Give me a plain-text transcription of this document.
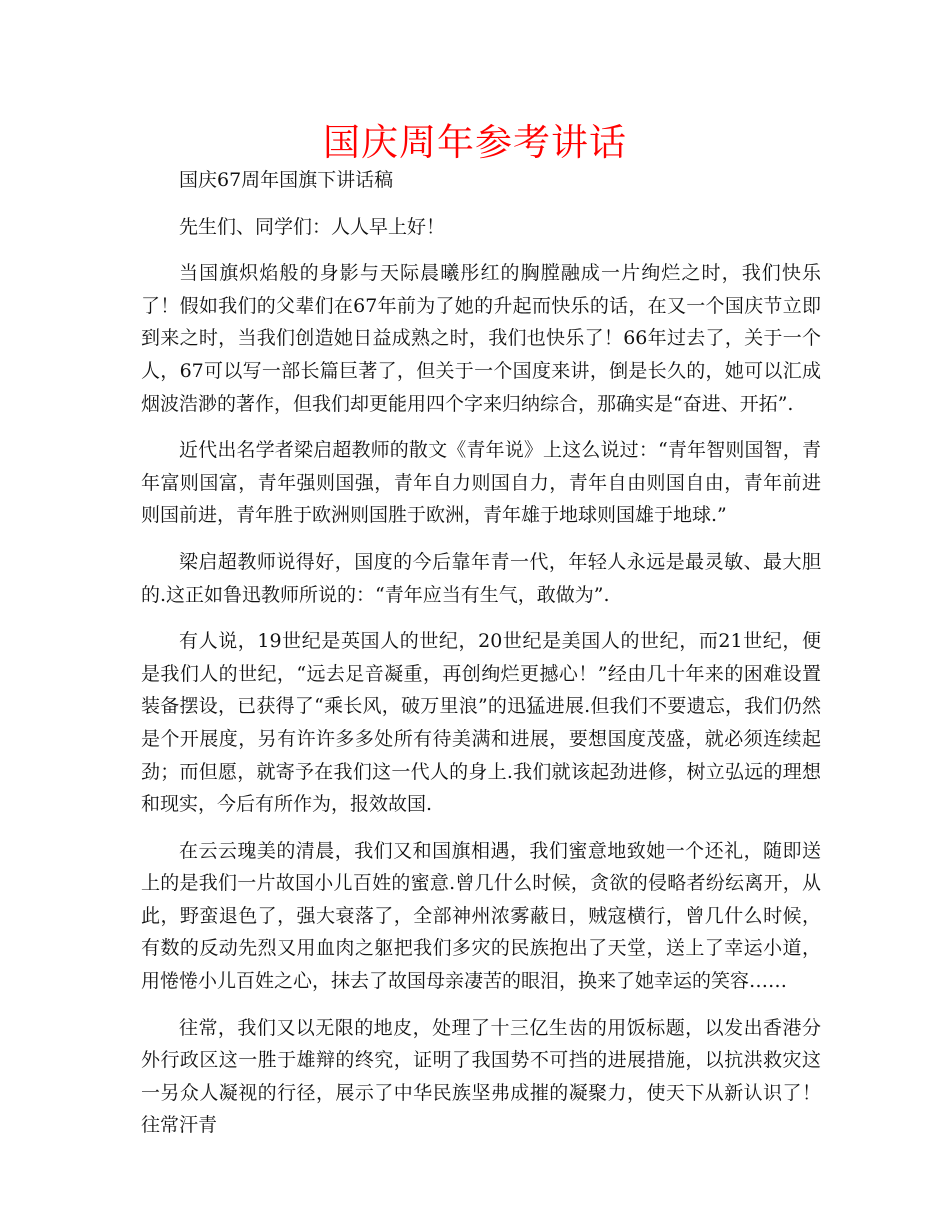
国庆周年参考讲话

国庆67周年国旗下讲话稿

先生们、同学们：人人早上好！

当国旗炽焰般的身影与天际晨曦彤红的胸膛融成一片绚烂之时，我们快乐了！假如我们的父辈们在67年前为了她的升起而快乐的话，在又一个国庆节立即到来之时，当我们创造她日益成熟之时，我们也快乐了！66年过去了，关于一个人，67可以写一部长篇巨著了，但关于一个国度来讲，倒是长久的，她可以汇成烟波浩渺的著作，但我们却更能用四个字来归纳综合，那确实是“奋进、开拓”.

近代出名学者梁启超教师的散文《青年说》上这么说过：“青年智则国智，青年富则国富，青年强则国强，青年自力则国自力，青年自由则国自由，青年前进则国前进，青年胜于欧洲则国胜于欧洲，青年雄于地球则国雄于地球.”

梁启超教师说得好，国度的今后靠年青一代，年轻人永远是最灵敏、最大胆的.这正如鲁迅教师所说的：“青年应当有生气，敢做为”.

有人说，19世纪是英国人的世纪，20世纪是美国人的世纪，而21世纪，便是我们人的世纪，“远去足音凝重，再创绚烂更撼心！”经由几十年来的困难设置装备摆设，已获得了“乘长风，破万里浪”的迅猛进展.但我们不要遗忘，我们仍然是个开展度，另有许许多多处所有待美满和进展，要想国度茂盛，就必须连续起劲；而但愿，就寄予在我们这一代人的身上.我们就该起劲进修，树立弘远的理想和现实，今后有所作为，报效故国.

在云云瑰美的清晨，我们又和国旗相遇，我们蜜意地致她一个还礼，随即送上的是我们一片故国小儿百姓的蜜意.曾几什么时候，贪欲的侵略者纷纭离开，从此，野蛮退色了，强大衰落了，全部神州浓雾蔽日，贼寇横行，曾几什么时候，有数的反动先烈又用血肉之躯把我们多灾的民族抱出了天堂，送上了幸运小道，用惓惓小儿百姓之心，抹去了故国母亲凄苦的眼泪，换来了她幸运的笑容……

往常，我们又以无限的地皮，处理了十三亿生齿的用饭标题，以发出香港分外行政区这一胜于雄辩的终究，证明了我国势不可挡的进展措施，以抗洪救灾这一另众人凝视的行径，展示了中华民族坚弗成摧的凝聚力，使天下从新认识了！往常汗青
